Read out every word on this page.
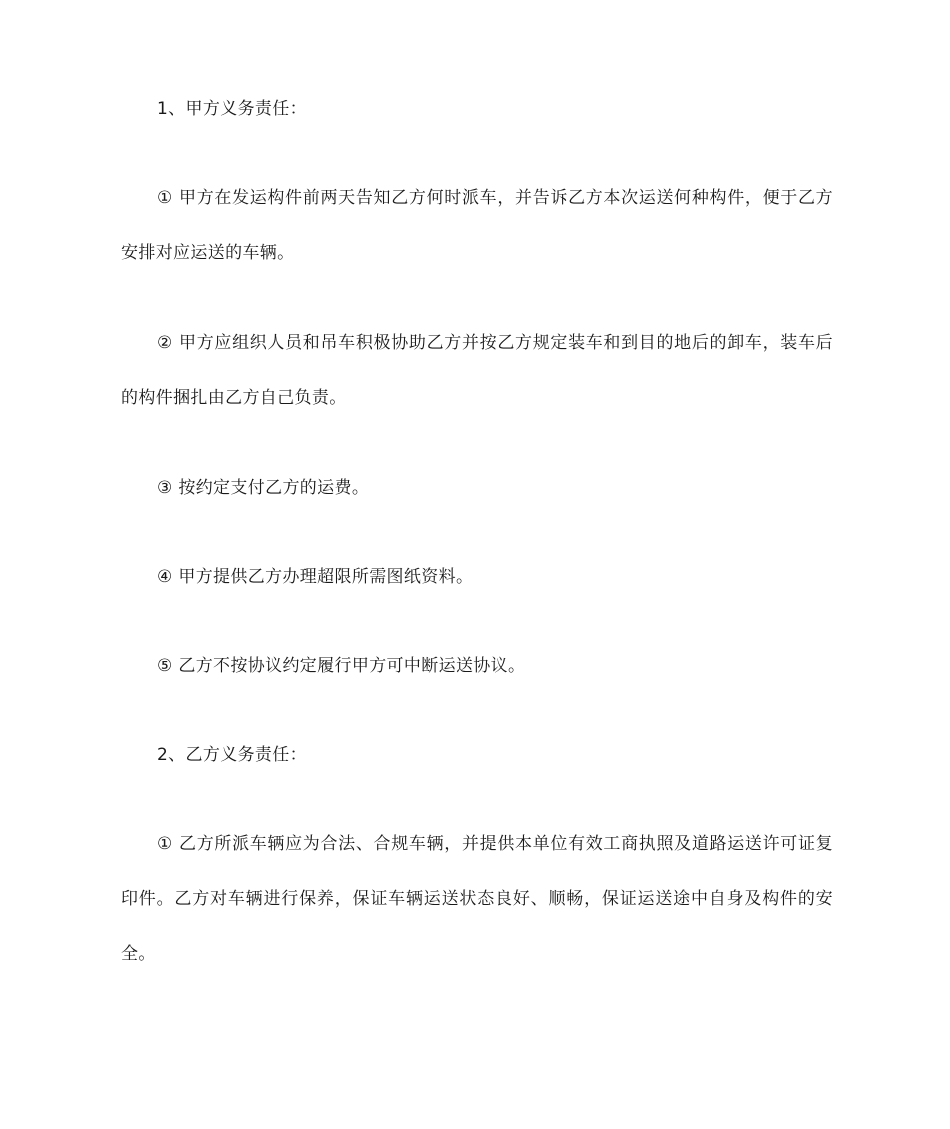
1、甲方义务责任：

① 甲方在发运构件前两天告知乙方何时派车，并告诉乙方本次运送何种构件，便于乙方安排对应运送的车辆。

② 甲方应组织人员和吊车积极协助乙方并按乙方规定装车和到目的地后的卸车，装车后的构件捆扎由乙方自己负责。

③ 按约定支付乙方的运费。

④ 甲方提供乙方办理超限所需图纸资料。

⑤ 乙方不按协议约定履行甲方可中断运送协议。

2、乙方义务责任：

① 乙方所派车辆应为合法、合规车辆，并提供本单位有效工商执照及道路运送许可证复印件。乙方对车辆进行保养，保证车辆运送状态良好、顺畅，保证运送途中自身及构件的安全。
